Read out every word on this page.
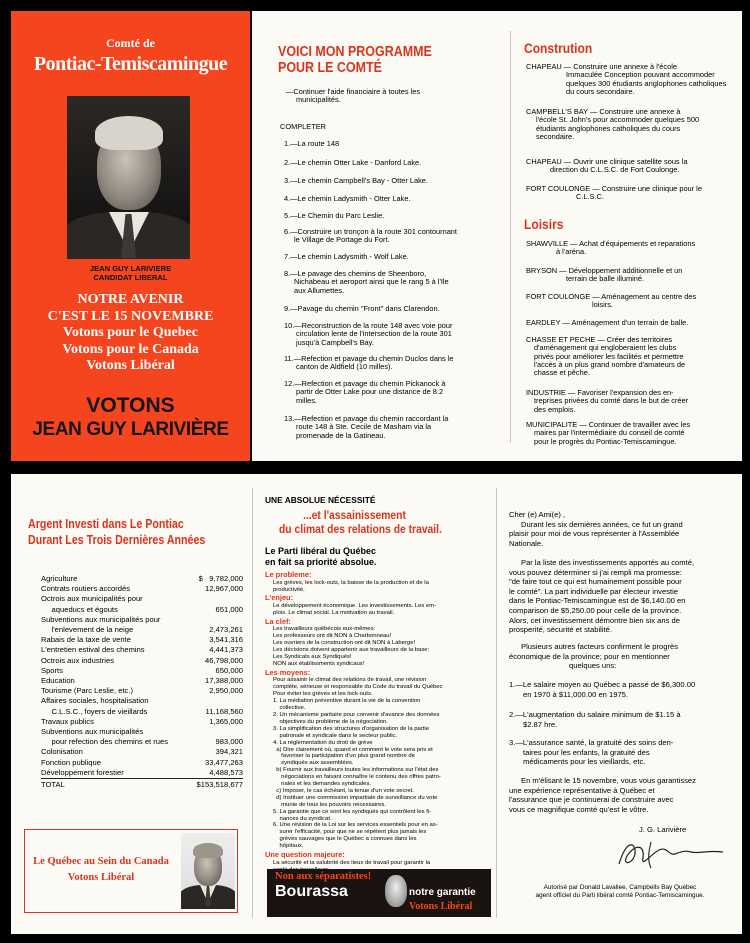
Comté de
Pontiac-Temiscamingue
JEAN GUY LARIVIERE
CANDIDAT LIBERAL
NOTRE AVENIR
C'EST LE 15 NOVEMBRE
Votons pour le Quebec
Votons pour le Canada
Votons Libéral
VOTONS
JEAN GUY LARIVIÈRE
VOICI MON PROGRAMME
POUR LE COMTÉ
—Continuer l'aide financiaire à toutes les
municipalités.
COMPLETER
1.—La route 148
2.—Le chemin Otter Lake - Danford Lake.
3.—Le chemin Campbell's Bay - Otter Lake.
4.—Le chemin Ladysmith - Otter Lake.
5.—Le Chemin du Parc Leslie.
6.—Construire un tronçon à la route 301 contournant
le Village de Portage du Fort.
7.—Le chemin Ladysmith - Wolf Lake.
8.—Le pavage des chemins de Sheenboro,
Nichabeau et aeroport ainsi que le rang 5 à l'Ile
aux Allumettes.
9.—Pavage du chemin "Front" dans Clarendon.
10.—Reconstruction de la route 148 avec voie pour
circulation lente de l'intersection de la route 301
jusqu'à Campbell's Bay.
11.—Refection et pavage du chemin Duclos dans le
canton de Aldfield (10 milles).
12.—Refection et pavage du chemin Pickanock à
partir de Otter Lake pour une distance de 8.2
milles.
13.—Refection et pavage du chemin raccordant la
route 148 à Ste. Cecile de Masham via la
promenade de la Gatineau.
Constrution
CHAPEAU — Construire une annexe à l'école
Immaculée Conception pouvant accommoder
quelques 300 étudiants anglophones catholiques
du cours secondaire.
CAMPBELL'S BAY — Construire une annexe à
l'école St. John's pour accommoder quelques 500
étudiants anglophones catholiques du cours
secondaire.
CHAPEAU — Ouvrir une clinique satellite sous la
direction du C.L.S.C. de Fort Coulonge.
FORT COULONGE — Construire une clinique pour le
C.L.S.C.
Loisirs
SHAWVILLE — Achat d'équipements et reparations
à l'aréna.
BRYSON — Développement additionnelle et un
terrain de balle illuminé.
FORT COULONGE — Aménagement au centre des
loisirs.
EARDLEY — Aménagement d'un terrain de balle.
CHASSE ET PECHE — Créer des territoires
d'aménagement qui engloberaient les clubs
privés pour améliorer les facilités et permettre
l'accès à un plus grand nombre d'amateurs de
chasse et pêche.
INDUSTRIE — Favoriser l'expansion des en-
treprises privées du comté dans le but de créer
des emplois.
MUNICIPALITE — Continuer de travailler avec les
maires par l'intermédiaire du conseil de comté
pour le progrès du Pontiac-Temiscamingue.
Argent Investi dans Le Pontiac
Durant Les Trois Dernières Années
Agriculture	$   9,782,000
Contrats routiers accordés	12,967,000
Octrois aux municipalités pour
aqueducs et égouts	651,000
Subventions aux municipalités pour
l'enlevement de la neige	2,473,261
Rabais de la taxe de vente	3,541,316
L'entretien estival des chemins	4,441,373
Octrois aux industries	46,798,000
Sports	650,000
Education	17,388,000
Tourisme (Parc Leslie, etc.)	2,950,000
Affaires sociales, hospitalisation
C.L.S.C., foyers de vieillards	11,168,560
Travaux publics	1,365,000
Subventions aux municipalités
pour refection des chemins et rues	983,000
Colonisation	394,321
Fonction publique	33,477,263
Développement forestier	4,488,573
TOTAL	$153,518,677
Le Québec au Sein du Canada
Votons Libéral
UNE ABSOLUE NÉCESSITÉ
...et l'assainissement
du climat des relations de travail.
Le Parti libéral du Québec
en fait sa priorité absolue.
Le probleme:
Les grèves, les lock-outs, la baisse de la production et de la
productivité.
L'enjeu:
Le développement économique. Les investissements. Les em-
plois. Le climat social. La motivation au travail.
La clef:
Les travailleurs québécois eux-mêmes:
Les professeurs ont dit NON à Charbonneau!
Les ouvriers de la construction ont dit NON à Laberge!
Les décisions doivent appartenir aux travailleurs de la base:
Les Syndicats aux Syndiqués!
NON aux établissments syndicaux!
Les moyens:
Pour assainir le climat des relations de travail, une révision
complète, sérieuse et responsable du Code du travail du Québec
Pour éviter les grèves et les lock-outs.
1. La médiation préventive durant la vie de la convention
collective.
2. Un mécanisme paritaire pour convenir d'avance des données
objectives du problème de la négociation.
3. La simplification des structures d'organisation de la partie
patronale et syndicale dans le secteur public.
4. La réglementation du droit de grève
a) Dire clairement où, quand et comment le vote sera pris et
favoriser la participation d'un plus grand nombre de
syndiqués aux assemblées.
b) Fournir aux travailleurs toutes les informations sur l'état des
négociations en faisant connaître le contenu des offres patro-
nales et les demandes syndicales.
c) Imposer, le cas échéant, la tenue d'un vote secret.
d) Instituer une commission impartiale de surveillance du vote
munie de tous les pouvoirs nécessaires.
5. La garantie que ce sont les syndiqués qui contrôlent les fi-
nances du syndicat.
6. Une révision de la Loi sur les services essentiels pour en as-
surer l'efficacité, pour que ne se répètent plus jamais les
grèves sauvages que le Québec a connues dans les
hôpitaux.
Une question majeure:
La sécurité et la salubrité des lieux de travail pour garantir la
Non aux séparatistes!
Bourassa	notre garantie
Votons Libéral
Cher (e) Ami(e) ,
Durant les six dernières années, ce fut un grand
plaisir pour moi de vous représenter à l'Assemblée
Nationale.
Par la liste des investissements apportés au comté,
vous pouvez déterminer si j'ai rempli ma promesse:
"de faire tout ce qui est humainement possible pour
le comté". La part individuelle par électeur investie
dans le Pontiac-Temiscamingue est de $6,140.00 en
comparison de $5,250.00 pour celle de la province.
Alors, cet investissement démontre bien six ans de
prosperité, sécurité et stabilité.
Plusieurs autres facteurs confirment le progrès
économique de la province; pour en mentionner
quelques uns:
1.—Le salaire moyen au Québec a passé de $6,300.00
en 1970 à $11,000.00 en 1975.
2.—L'augmentation du salaire minimum de $1.15 à
$2.87 hre.
3.—L'assurance santé, la gratuité des soins den-
taires pour les enfants, la gratuité des
médicaments pour les vieillards, etc.
En m'élisant le 15 novembre, vous vous garantissez
une expérience représentative à Québec et
l'assurance que je continuerai de construire avec
vous ce magnifique comté qu'est le vôtre.
J. G. Larivière
Autorisé par Donald Lavallee, Campbells Bay Québec
agent officiel du Parti libéral comté Pontiac-Temiscamingue.
